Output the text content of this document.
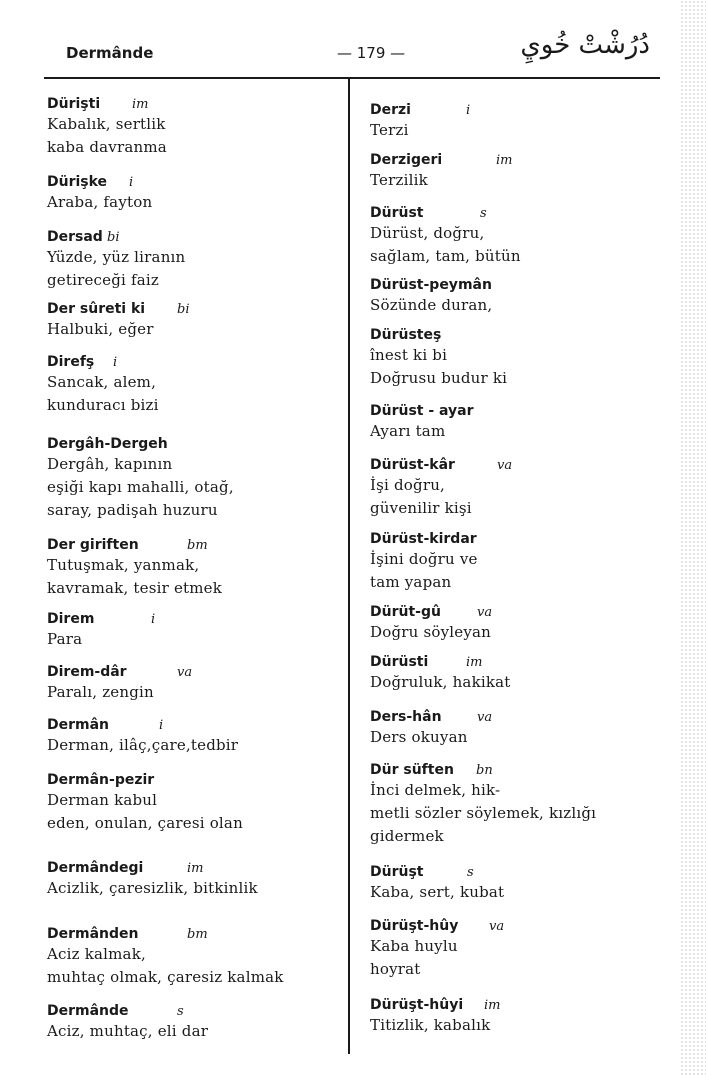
Dermânde	— 179 —	دُرُشْتْ خُويِ
Dürişti im
Kabalık, sertlik
kaba davranma
Dürişke i
Araba, fayton
Dersad bi
Yüzde, yüz liranın
getireceği faiz
Der sûreti ki bi
Halbuki, eğer
Direfş i
Sancak, alem,
kunduracı bizi
Dergâh-Dergeh
Dergâh, kapının
eşiği kapı mahalli, otağ,
saray, padişah huzuru
Der giriften	bm
Tutuşmak, yanmak,
kavramak, tesir etmek
Direm	i
Para
Direm-dâr	va
Paralı, zengin
Dermân	i
Derman, ilâç,çare,tedbir
Dermân-pezir
Derman kabul
eden, onulan, çaresi olan
Dermândegi	im
Acizlik, çaresizlik, bitkinlik
Dermânden	bm
Aciz kalmak,
muhtaç olmak, çaresiz kalmak
Dermânde	s
Aciz, muhtaç, eli dar
Derzi	i
Terzi
Derzigeri	im
Terzilik
Dürüst	s
Dürüst, doğru,
sağlam, tam, bütün
Dürüst-peymân
Sözünde duran,
Dürüsteş
înest ki bi
Doğrusu budur ki
Dürüst - ayar
Ayarı tam
Dürüst-kâr	va
İşi doğru,
güvenilir kişi
Dürüst-kirdar
İşini doğru ve
tam yapan
Dürüt-gû	va
Doğru söyleyan
Dürüsti	im
Doğruluk, hakikat
Ders-hân	va
Ders okuyan
Dür süften bn
İnci delmek, hik-
metli sözler söylemek, kızlığı
gidermek
Dürüşt	s
Kaba, sert, kubat
Dürüşt-hûy va
Kaba huylu
hoyrat
Dürüşt-hûyi im
Titizlik, kabalık
